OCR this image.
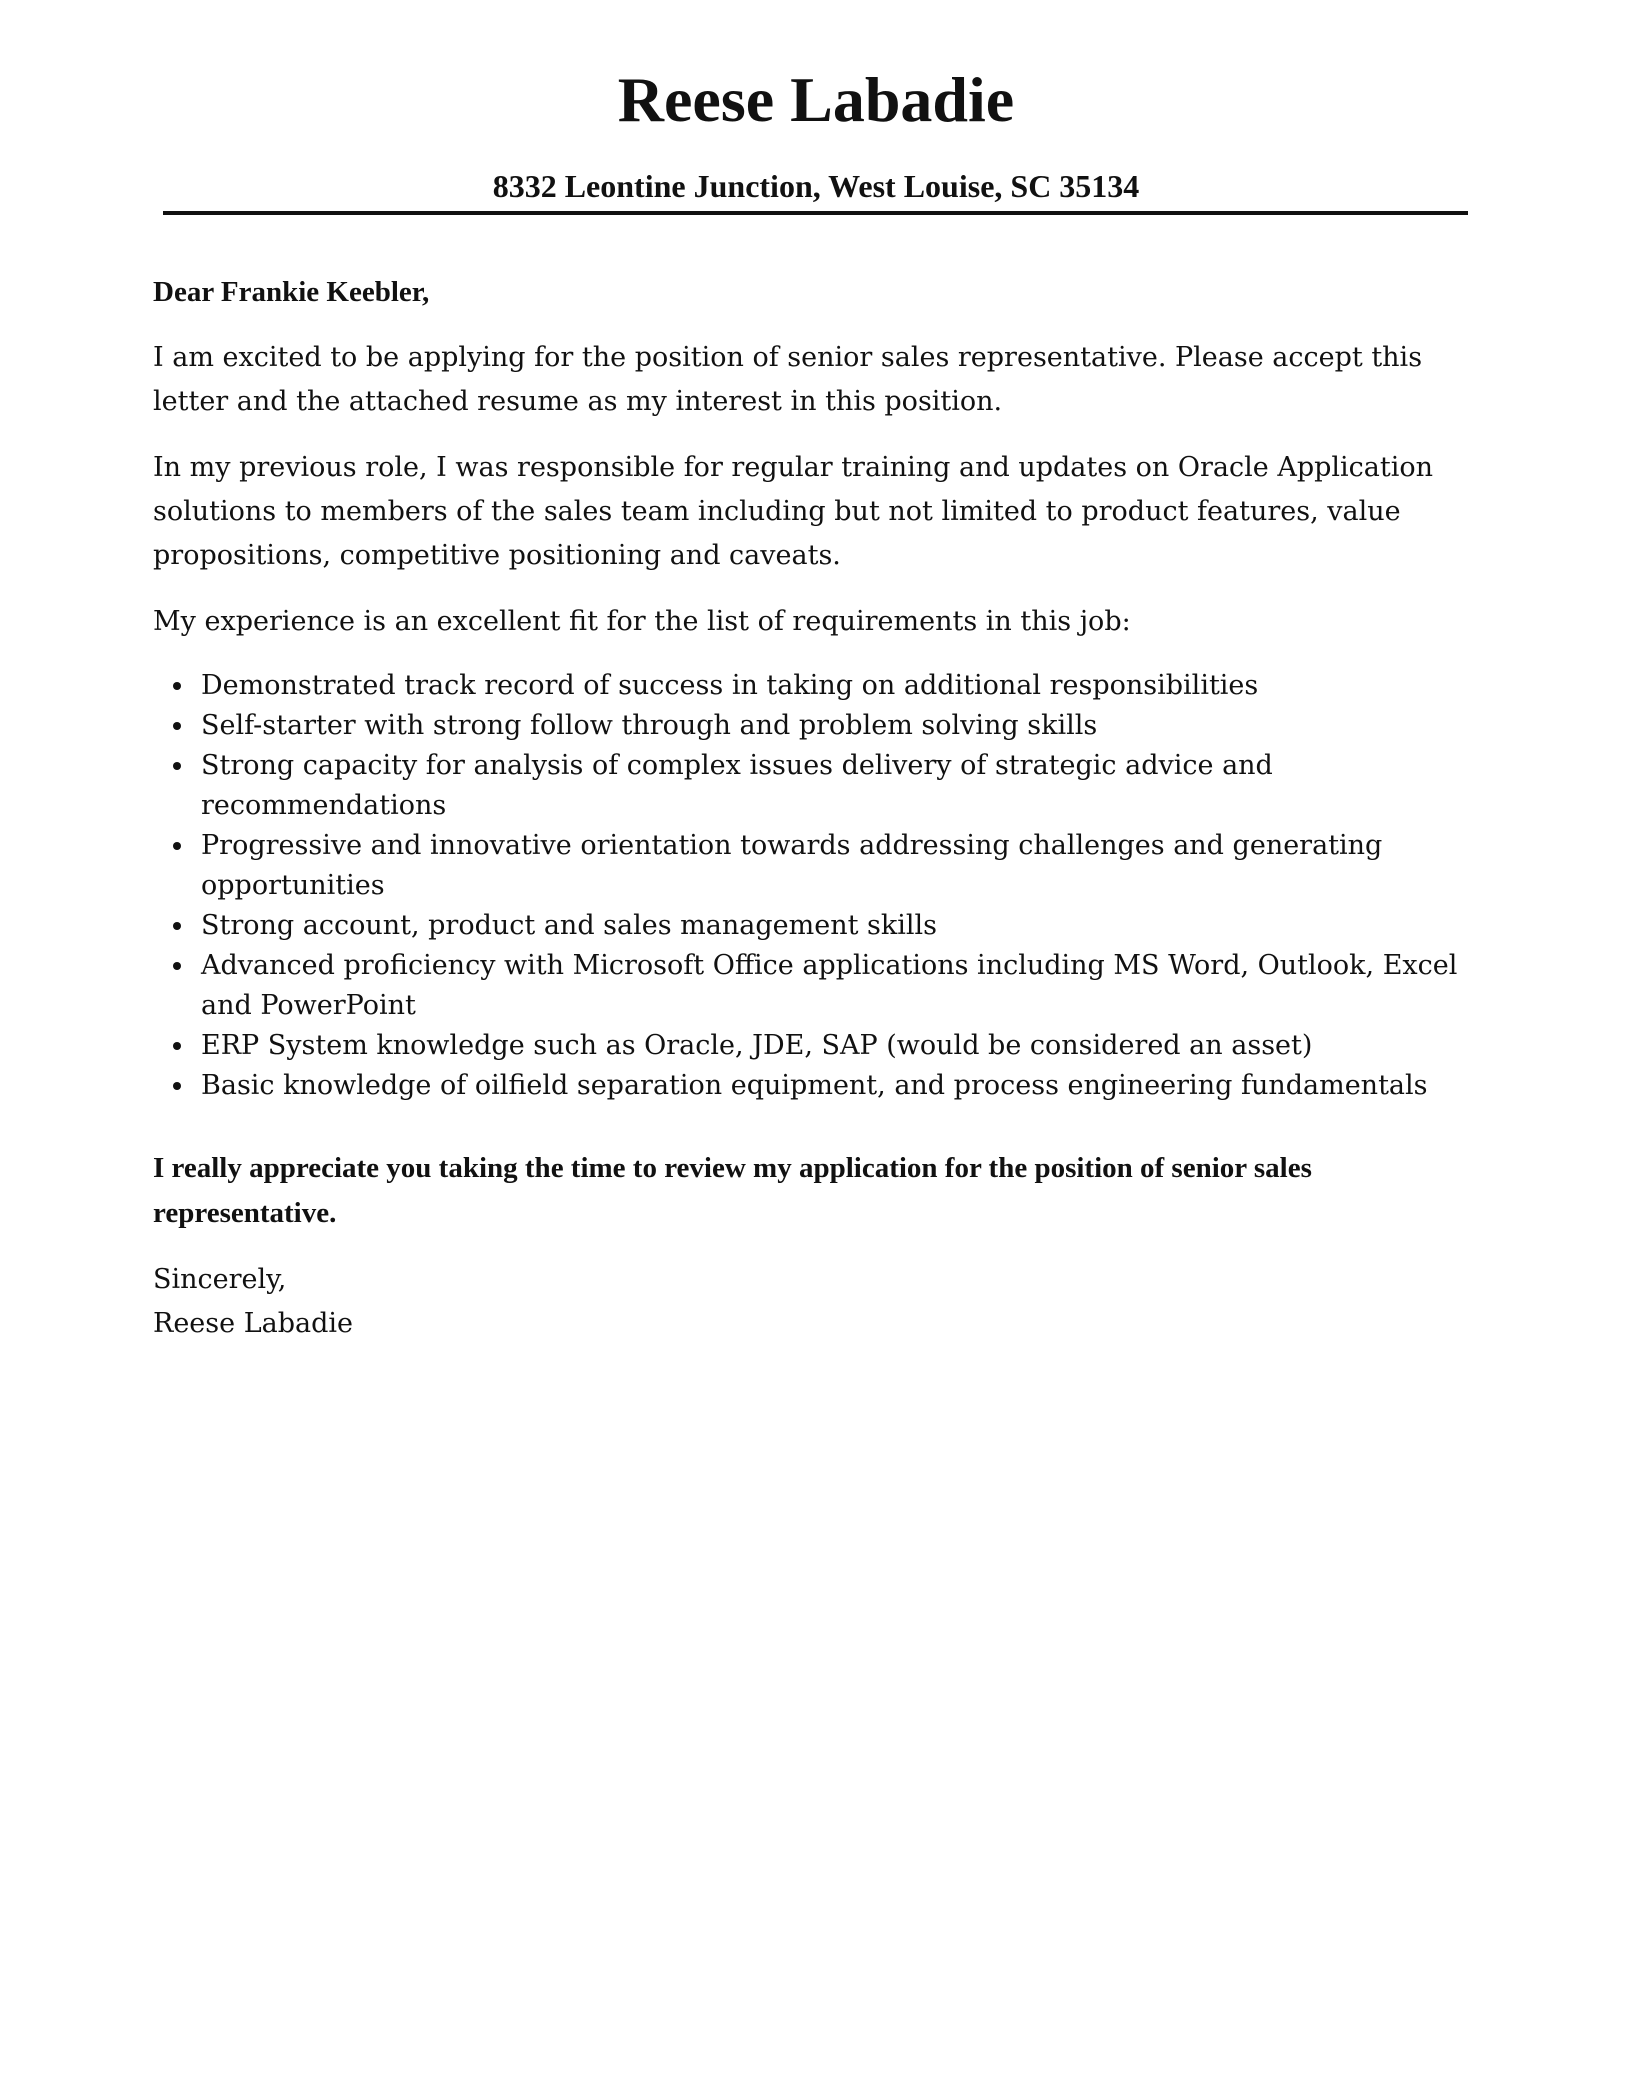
Reese Labadie
8332 Leontine Junction, West Louise, SC 35134

Dear Frankie Keebler,

I am excited to be applying for the position of senior sales representative. Please accept this letter and the attached resume as my interest in this position.

In my previous role, I was responsible for regular training and updates on Oracle Application solutions to members of the sales team including but not limited to product features, value propositions, competitive positioning and caveats.

My experience is an excellent fit for the list of requirements in this job:

Demonstrated track record of success in taking on additional responsibilities
Self-starter with strong follow through and problem solving skills
Strong capacity for analysis of complex issues delivery of strategic advice and recommendations
Progressive and innovative orientation towards addressing challenges and generating opportunities
Strong account, product and sales management skills
Advanced proficiency with Microsoft Office applications including MS Word, Outlook, Excel and PowerPoint
ERP System knowledge such as Oracle, JDE, SAP (would be considered an asset)
Basic knowledge of oilfield separation equipment, and process engineering fundamentals

I really appreciate you taking the time to review my application for the position of senior sales representative.

Sincerely,
Reese Labadie
